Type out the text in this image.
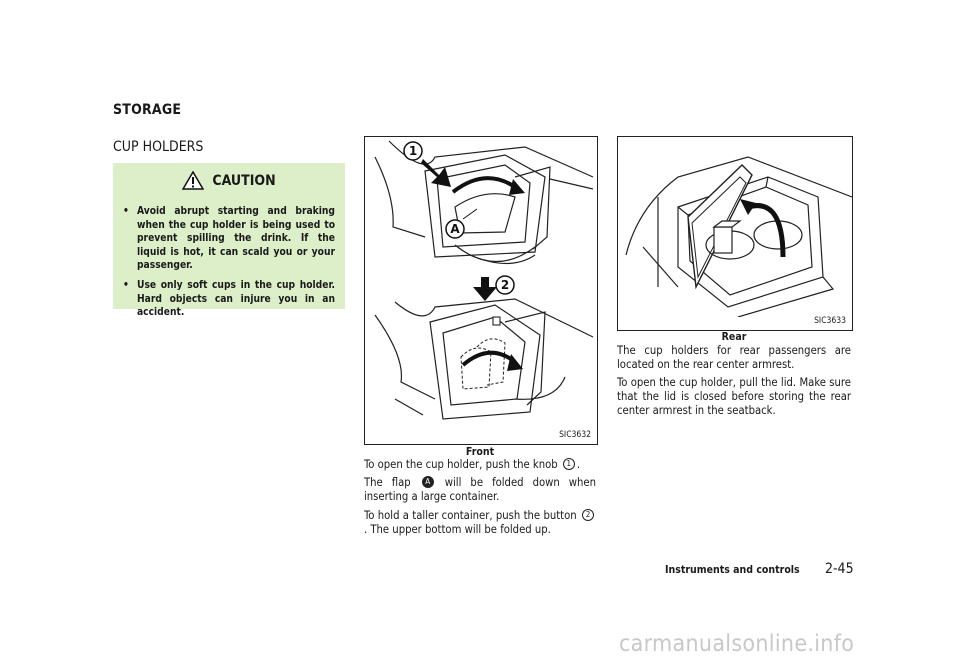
STORAGE
CUP HOLDERS
CAUTION
• Avoid abrupt starting and braking when the cup holder is being used to prevent spilling the drink. If the liquid is hot, it can scald you or your passenger.
• Use only soft cups in the cup holder. Hard objects can injure you in an accident.
1
A
2
SIC3632
Front
To open the cup holder, push the knob 1 .
The flap A will be folded down when inserting a large container.
To hold a taller container, push the button 2. The upper bottom will be folded up.
SIC3633
Rear
The cup holders for rear passengers are located on the rear center armrest.
To open the cup holder, pull the lid. Make sure that the lid is closed before storing the rear center armrest in the seatback.
Instruments and controls 2-45
carmanualsonline.info
